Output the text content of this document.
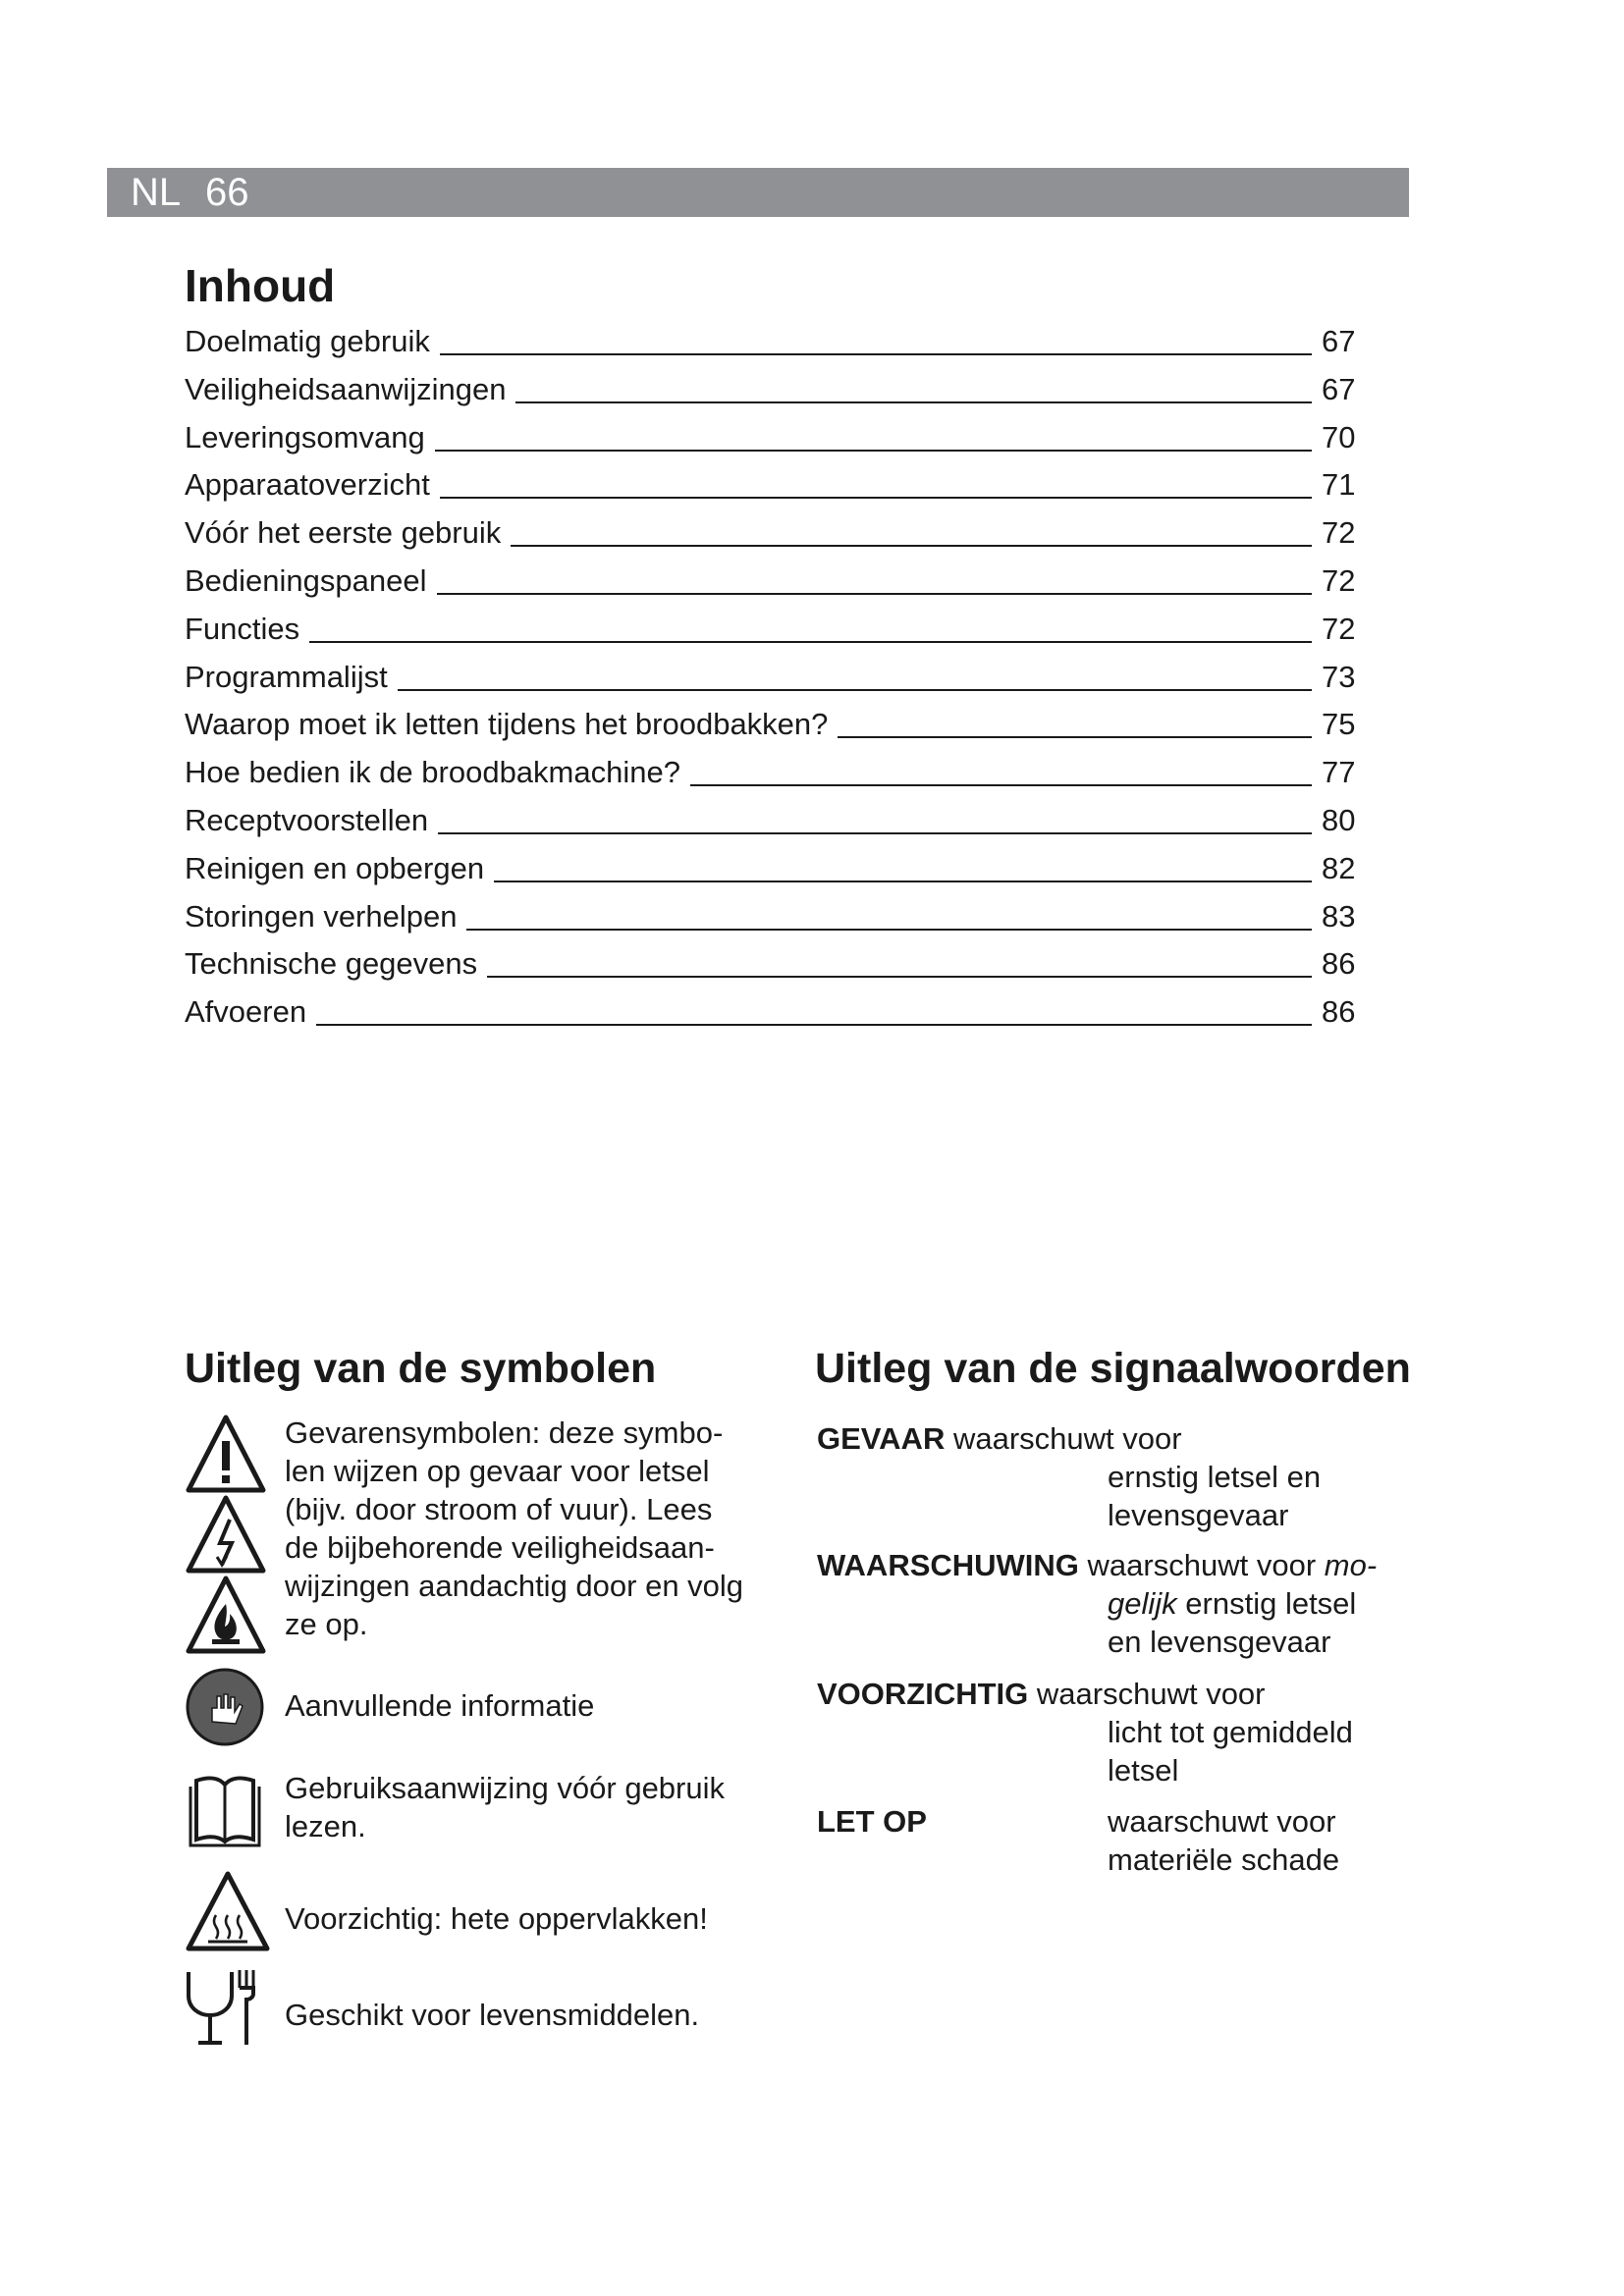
NL 66
Inhoud
Doelmatig gebruik	67
Veiligheidsaanwijzingen	67
Leveringsomvang	70
Apparaatoverzicht	71
Vóór het eerste gebruik	72
Bedieningspaneel	72
Functies	72
Programmalijst	73
Waarop moet ik letten tijdens het broodbakken?	75
Hoe bedien ik de broodbakmachine?	77
Receptvoorstellen	80
Reinigen en opbergen	82
Storingen verhelpen	83
Technische gegevens	86
Afvoeren	86
Uitleg van de symbolen
Gevarensymbolen: deze symbo-
len wijzen op gevaar voor letsel
(bijv. door stroom of vuur). Lees
de bijbehorende veiligheidsaan-
wijzingen aandachtig door en volg
ze op.
Aanvullende informatie
Gebruiksaanwijzing vóór gebruik
lezen.
Voorzichtig: hete oppervlakken!
Geschikt voor levensmiddelen.
Uitleg van de signaalwoorden
GEVAAR waarschuwt voor
ernstig letsel en
levensgevaar
WAARSCHUWING waarschuwt voor mo-
gelijk ernstig letsel
en levensgevaar
VOORZICHTIG waarschuwt voor
licht tot gemiddeld
letsel
LET OP	waarschuwt voor
materiële schade
